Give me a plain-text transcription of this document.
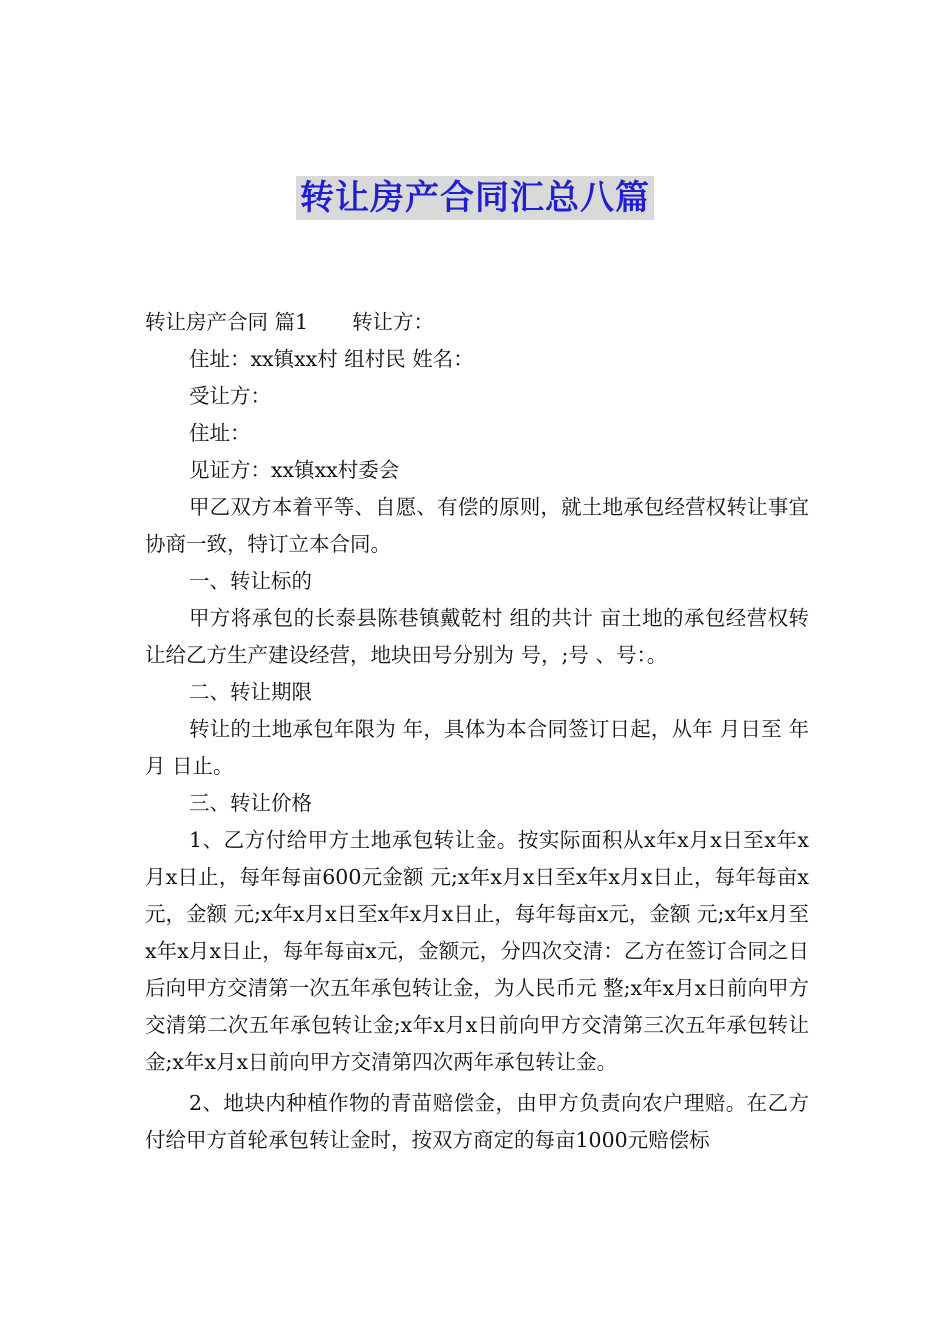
转让房产合同汇总八篇

转让房产合同 篇1 转让方：

住址：xx镇xx村 组村民 姓名：

受让方：

住址：

见证方：xx镇xx村委会

甲乙双方本着平等、自愿、有偿的原则，就土地承包经营权转让事宜协商一致，特订立本合同。

一、转让标的

甲方将承包的长泰县陈巷镇戴乾村 组的共计 亩土地的承包经营权转让给乙方生产建设经营，地块田号分别为 号，;号 、号：。

二、转让期限

转让的土地承包年限为 年，具体为本合同签订日起，从年 月日至 年 月 日止。

三、转让价格

1、乙方付给甲方土地承包转让金。按实际面积从x年x月x日至x年x月x日止，每年每亩600元金额 元;x年x月x日至x年x月x日止，每年每亩x元，金额 元;x年x月x日至x年x月x日止，每年每亩x元，金额 元;x年x月至x年x月x日止，每年每亩x元，金额元，分四次交清：乙方在签订合同之日后向甲方交清第一次五年承包转让金，为人民币元 整;x年x月x日前向甲方交清第二次五年承包转让金;x年x月x日前向甲方交清第三次五年承包转让金;x年x月x日前向甲方交清第四次两年承包转让金。

2、地块内种植作物的青苗赔偿金，由甲方负责向农户理赔。在乙方付给甲方首轮承包转让金时，按双方商定的每亩1000元赔偿标
